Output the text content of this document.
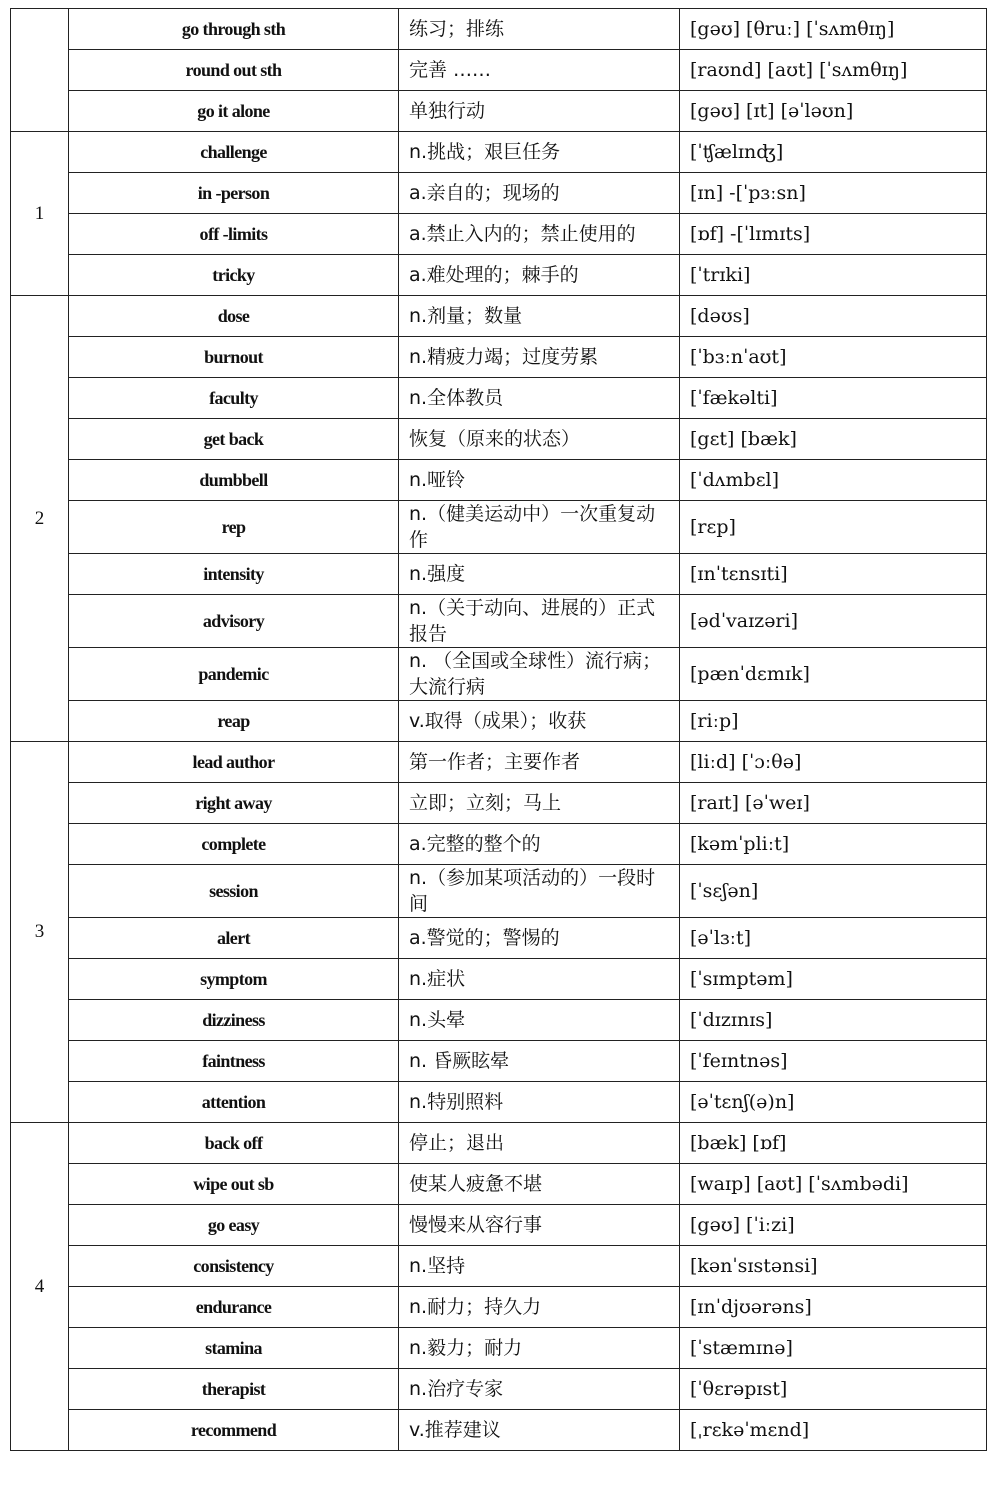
	go through sth	练习；排练	[gəʊ] [θruː] [ˈsʌmθɪŋ]
	round out sth	完善 ……	[raʊnd] [aʊt] [ˈsʌmθɪŋ]
	go it alone	单独行动	[gəʊ] [ɪt] [əˈləʊn]
1	challenge	n.挑战；艰巨任务	[ˈʧælɪnʤ]
	in -person	a.亲自的；现场的	[ɪn] -[ˈpɜːsn]
	off -limits	a.禁止入内的；禁止使用的	[ɒf] -[ˈlɪmɪts]
	tricky	a.难处理的；棘手的	[ˈtrɪki]
2	dose	n.剂量；数量	[dəʊs]
	burnout	n.精疲力竭；过度劳累	[ˈbɜːnˈaʊt]
	faculty	n.全体教员	[ˈfækəlti]
	get back	恢复（原来的状态）	[gɛt] [bæk]
	dumbbell	n.哑铃	[ˈdʌmbɛl]
	rep	n.（健美运动中）一次重复动作	[rɛp]
	intensity	n.强度	[ɪnˈtɛnsɪti]
	advisory	n.（关于动向、进展的）正式报告	[ədˈvaɪzəri]
	pandemic	n. （全国或全球性）流行病；大流行病	[pænˈdɛmɪk]
	reap	v.取得（成果）；收获	[riːp]
3	lead author	第一作者；主要作者	[liːd] [ˈɔːθə]
	right away	立即；立刻；马上	[raɪt] [əˈweɪ]
	complete	a.完整的整个的	[kəmˈpliːt]
	session	n.（参加某项活动的）一段时间	[ˈsɛʃən]
	alert	a.警觉的；警惕的	[əˈlɜːt]
	symptom	n.症状	[ˈsɪmptəm]
	dizziness	n.头晕	[ˈdɪzɪnɪs]
	faintness	n. 昏厥眩晕	[ˈfeɪntnəs]
	attention	n.特别照料	[əˈtɛnʃ(ə)n]
4	back off	停止；退出	[bæk] [ɒf]
	wipe out sb	使某人疲惫不堪	[waɪp] [aʊt] [ˈsʌmbədi]
	go easy	慢慢来从容行事	[gəʊ] [ˈiːzi]
	consistency	n.坚持	[kənˈsɪstənsi]
	endurance	n.耐力；持久力	[ɪnˈdjʊərəns]
	stamina	n.毅力；耐力	[ˈstæmɪnə]
	therapist	n.治疗专家	[ˈθɛrəpɪst]
	recommend	v.推荐建议	[ˌrɛkəˈmɛnd]
